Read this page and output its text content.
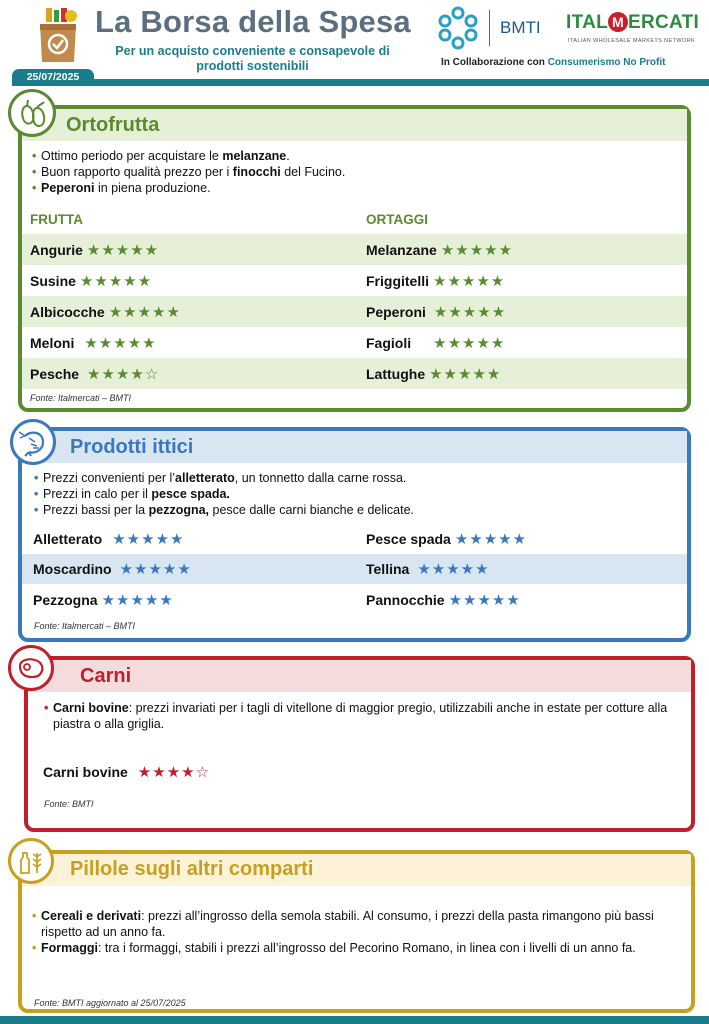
La Borsa della Spesa
Per un acquisto conveniente e consapevole di prodotti sostenibili
BMTI ITAL M ERCATI
ITALIAN WHOLESALE MARKETS NETWORK
In Collaborazione con Consumerismo No Profit
25/07/2025
Ortofrutta
• Ottimo periodo per acquistare le melanzane.
• Buon rapporto qualità prezzo per i finocchi del Fucino.
• Peperoni in piena produzione.
FRUTTA	ORTAGGI
Angurie ★★★★★
Susine ★★★★★
Albicocche ★★★★★
Meloni ★★★★★
Pesche ★★★★☆
Melanzane ★★★★★
Friggitelli ★★★★★
Peperoni ★★★★★
Fagioli ★★★★★
Lattughe ★★★★★
Fonte: Italmercati – BMTI
Prodotti ittici
• Prezzi convenienti per l’alletterato, un tonnetto dalla carne rossa.
• Prezzi in calo per il pesce spada.
• Prezzi bassi per la pezzogna, pesce dalle carni bianche e delicate.
Alletterato ★★★★★
Moscardino ★★★★★
Pezzogna ★★★★★
Pesce spada ★★★★★
Tellina ★★★★★
Pannocchie ★★★★★
Fonte: Italmercati – BMTI
Carni
• Carni bovine: prezzi invariati per i tagli di vitellone di maggior pregio, utilizzabili anche in estate per cotture alla piastra o alla griglia.
Carni bovine ★★★★☆
Fonte: BMTI
Pillole sugli altri comparti
• Cereali e derivati: prezzi all’ingrosso della semola stabili. Al consumo, i prezzi della pasta rimangono più bassi rispetto ad un anno fa.
• Formaggi: tra i formaggi, stabili i prezzi all’ingrosso del Pecorino Romano, in linea con i livelli di un anno fa.
Fonte: BMTI aggiornato al 25/07/2025
